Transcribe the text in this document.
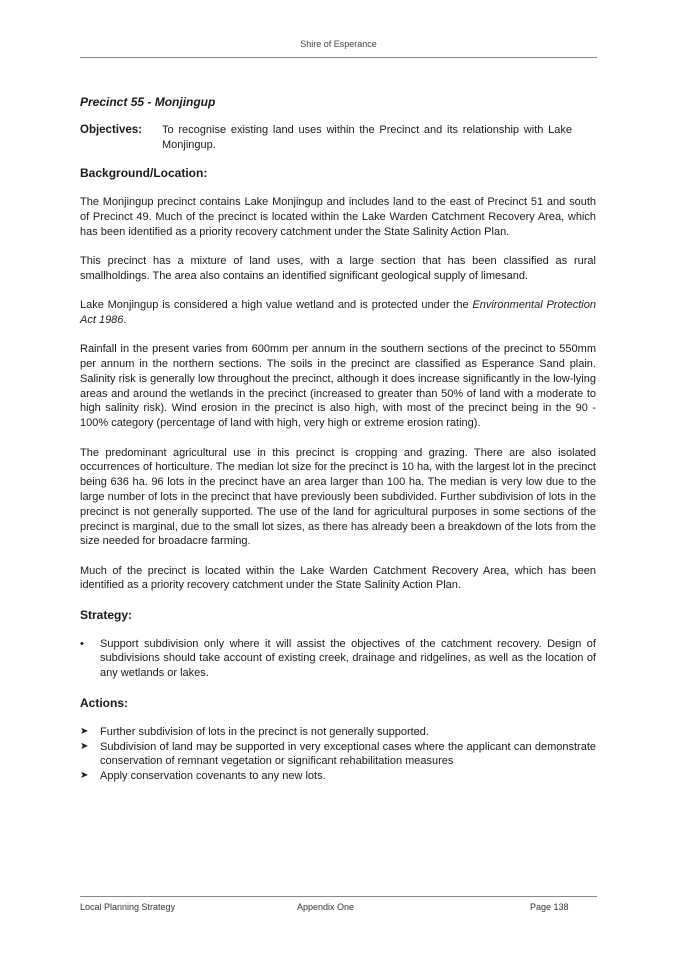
Shire of Esperance
Precinct 55 - Monjingup
Objectives:	To recognise existing land uses within the Precinct and its relationship with Lake Monjingup.
Background/Location:

The Monjingup precinct contains Lake Monjingup and includes land to the east of Precinct 51 and south of Precinct 49. Much of the precinct is located within the Lake Warden Catchment Recovery Area, which has been identified as a priority recovery catchment under the State Salinity Action Plan.

This precinct has a mixture of land uses, with a large section that has been classified as rural smallholdings. The area also contains an identified significant geological supply of limesand.

Lake Monjingup is considered a high value wetland and is protected under the Environmental Protection Act 1986.

Rainfall in the present varies from 600mm per annum in the southern sections of the precinct to 550mm per annum in the northern sections. The soils in the precinct are classified as Esperance Sand plain. Salinity risk is generally low throughout the precinct, although it does increase significantly in the low-lying areas and around the wetlands in the precinct (increased to greater than 50% of land with a moderate to high salinity risk). Wind erosion in the precinct is also high, with most of the precinct being in the 90 - 100% category (percentage of land with high, very high or extreme erosion rating).

The predominant agricultural use in this precinct is cropping and grazing. There are also isolated occurrences of horticulture. The median lot size for the precinct is 10 ha, with the largest lot in the precinct being 636 ha. 96 lots in the precinct have an area larger than 100 ha. The median is very low due to the large number of lots in the precinct that have previously been subdivided. Further subdivision of lots in the precinct is not generally supported. The use of the land for agricultural purposes in some sections of the precinct is marginal, due to the small lot sizes, as there has already been a breakdown of the lots from the size needed for broadacre farming.

Much of the precinct is located within the Lake Warden Catchment Recovery Area, which has been identified as a priority recovery catchment under the State Salinity Action Plan.

Strategy:
•	Support subdivision only where it will assist the objectives of the catchment recovery. Design of subdivisions should take account of existing creek, drainage and ridgelines, as well as the location of any wetlands or lakes.
Actions:
➤	Further subdivision of lots in the precinct is not generally supported.
➤	Subdivision of land may be supported in very exceptional cases where the applicant can demonstrate conservation of remnant vegetation or significant rehabilitation measures
➤	Apply conservation covenants to any new lots.
Local Planning Strategy	Appendix One	Page 138
